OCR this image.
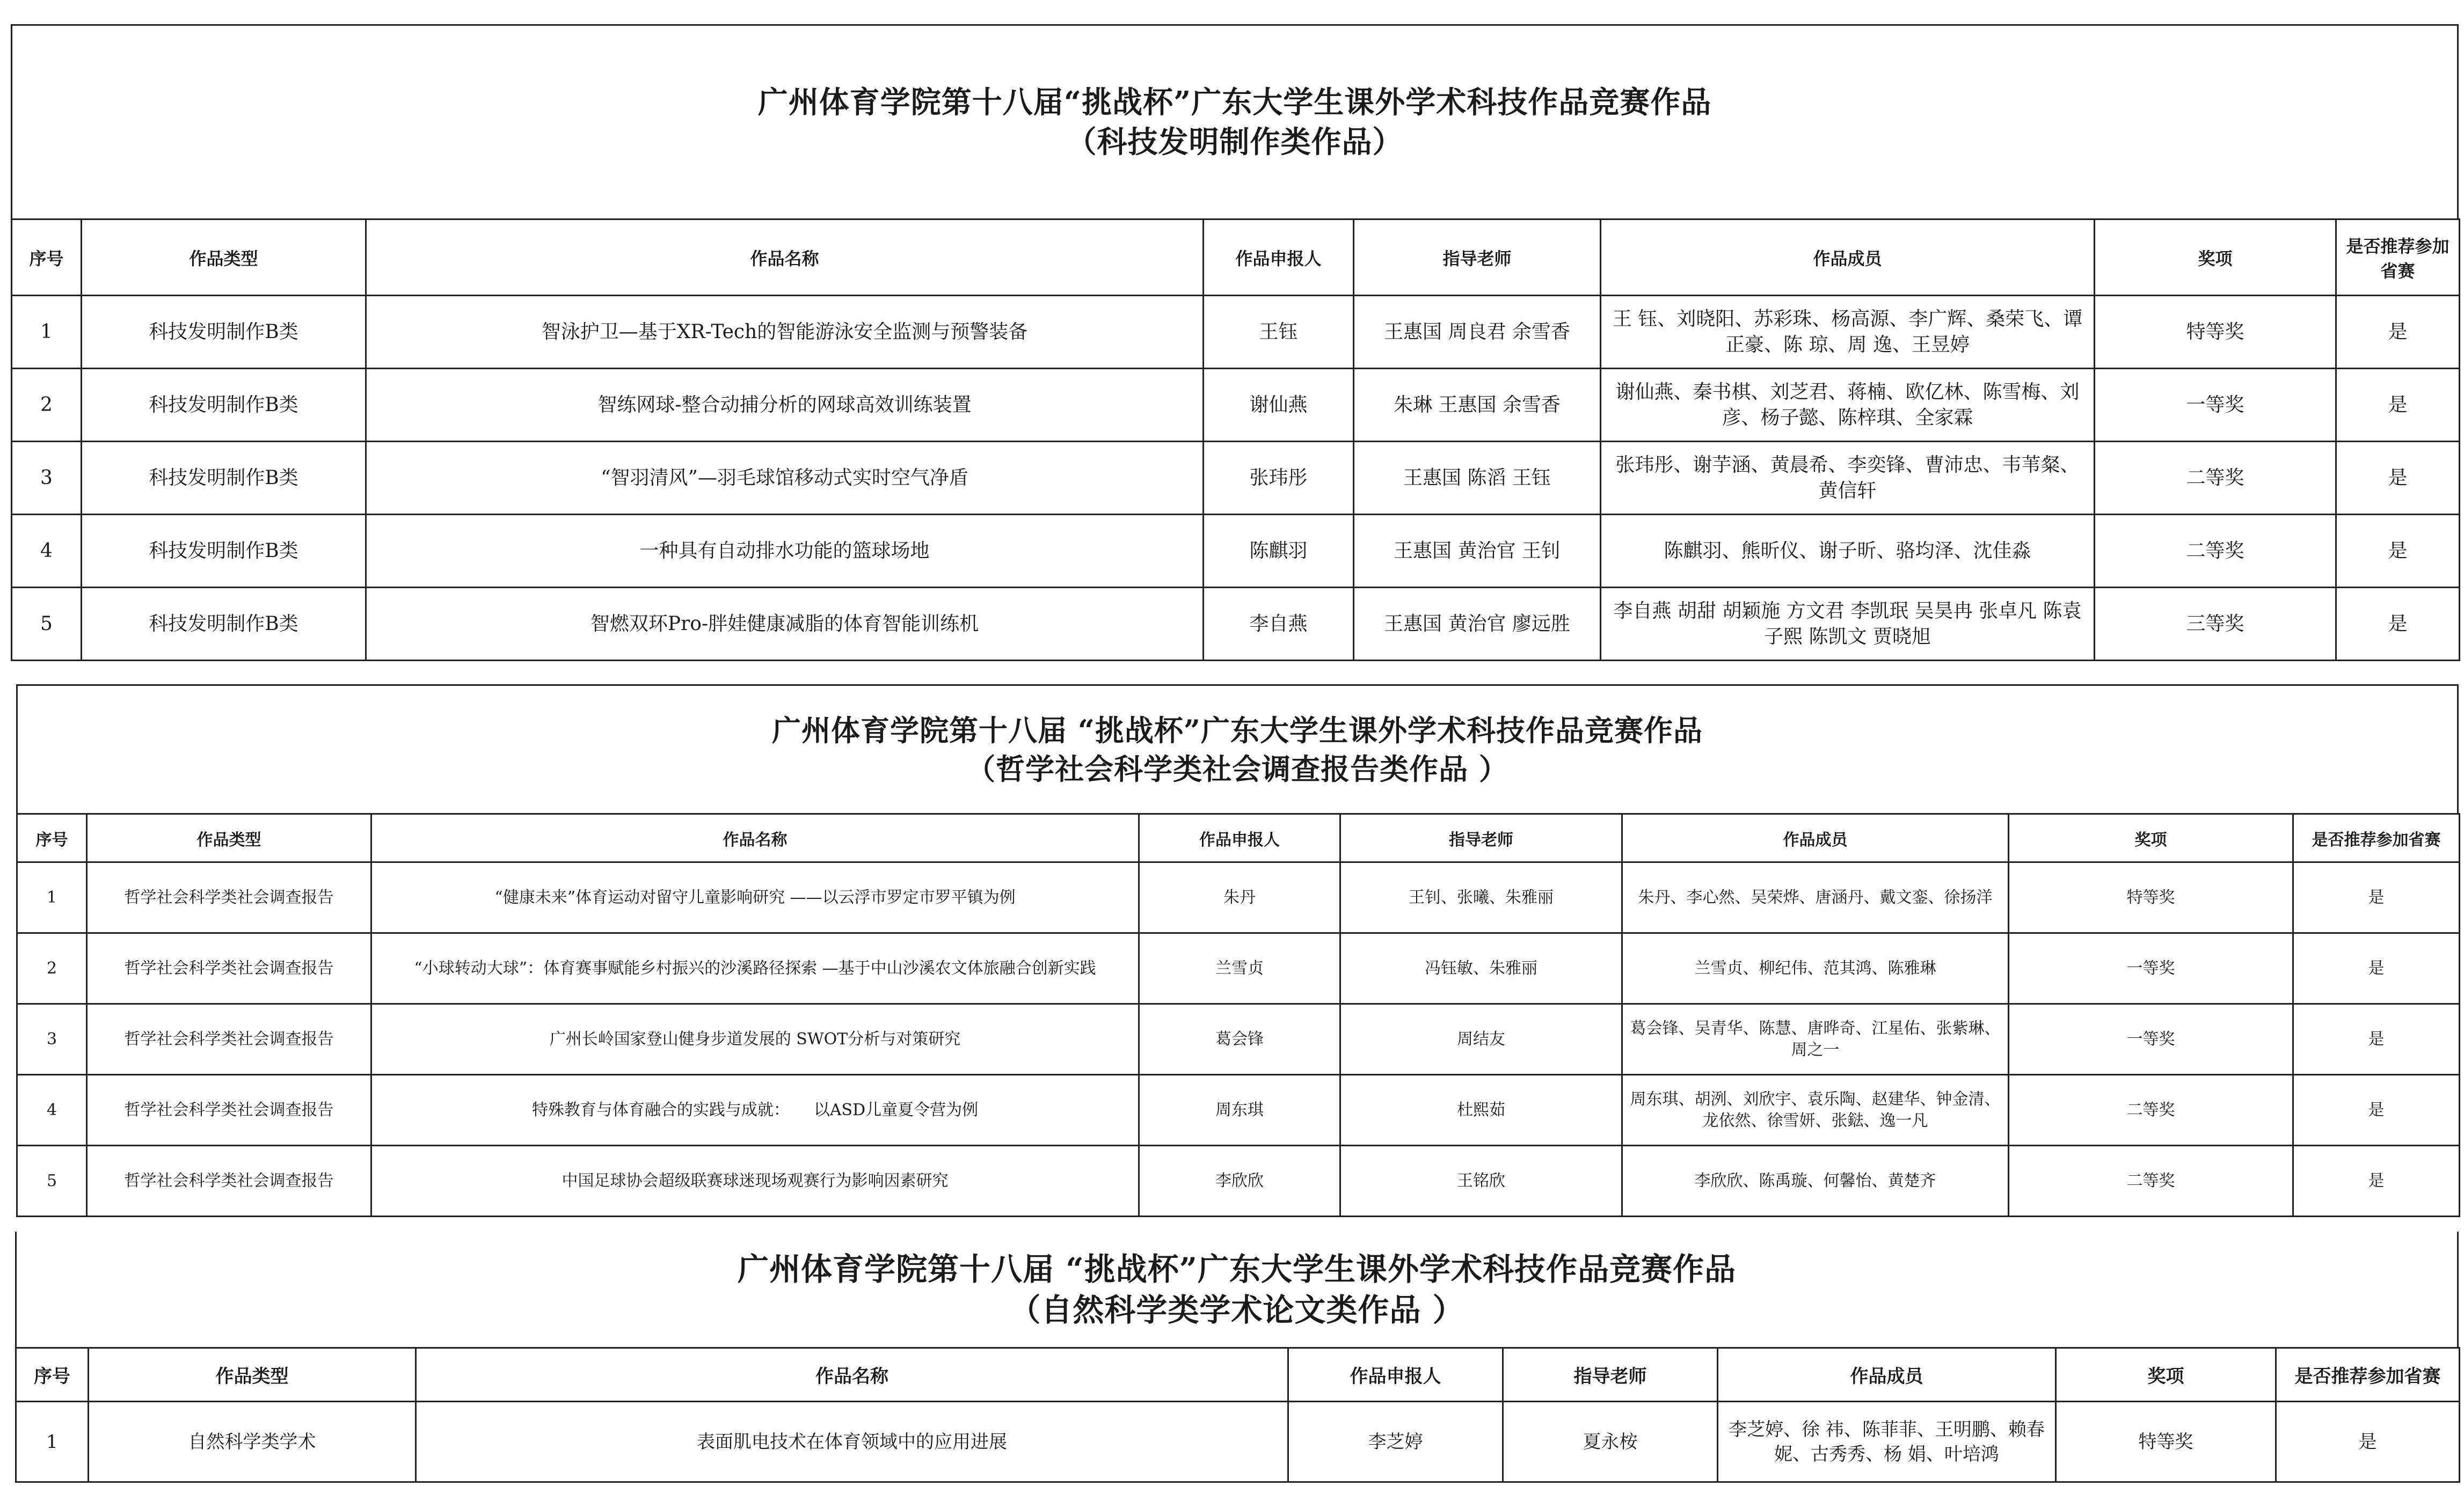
广州体育学院第十八届“挑战杯”广东大学生课外学术科技作品竞赛作品
（科技发明制作类作品）
序号	作品类型	作品名称	作品申报人	指导老师	作品成员	奖项	是否推荐参加省赛
1	科技发明制作B类	智泳护卫—基于XR-Tech的智能游泳安全监测与预警装备	王钰	王惠国 周良君 余雪香	王 钰、刘晓阳、苏彩珠、杨高源、李广辉、桑荣飞、谭正豪、陈 琼、周 逸、王昱婷	特等奖	是
2	科技发明制作B类	智练网球-整合动捕分析的网球高效训练装置	谢仙燕	朱琳 王惠国 余雪香	谢仙燕、秦书棋、刘芝君、蒋楠、欧亿林、陈雪梅、刘彦、杨子懿、陈梓琪、全家霖	一等奖	是
3	科技发明制作B类	“智羽清风”—羽毛球馆移动式实时空气净盾	张玮彤	王惠国 陈滔 王钰	张玮彤、谢芋涵、黄晨希、李奕锋、曹沛忠、韦苇粲、黄信轩	二等奖	是
4	科技发明制作B类	一种具有自动排水功能的篮球场地	陈麒羽	王惠国 黄治官 王钊	陈麒羽、熊昕仪、谢子昕、骆均泽、沈佳淼	二等奖	是
5	科技发明制作B类	智燃双环Pro-胖娃健康减脂的体育智能训练机	李自燕	王惠国 黄治官 廖远胜	李自燕 胡甜 胡颖施 方文君 李凯珉 吴昊冉 张卓凡 陈袁子熙 陈凯文 贾晓旭	三等奖	是
广州体育学院第十八届 “挑战杯”广东大学生课外学术科技作品竞赛作品
（哲学社会科学类社会调查报告类作品 ）
序号	作品类型	作品名称	作品申报人	指导老师	作品成员	奖项	是否推荐参加省赛
1	哲学社会科学类社会调查报告	“健康未来”体育运动对留守儿童影响研究 ——以云浮市罗定市罗平镇为例	朱丹	王钊、张曦、朱雅丽	朱丹、李心然、吴荣烨、唐涵丹、戴文銮、徐扬洋	特等奖	是
2	哲学社会科学类社会调查报告	“小球转动大球”：体育赛事赋能乡村振兴的沙溪路径探索 —基于中山沙溪农文体旅融合创新实践	兰雪贞	冯钰敏、朱雅丽	兰雪贞、柳纪伟、范其鸿、陈雅琳	一等奖	是
3	哲学社会科学类社会调查报告	广州长岭国家登山健身步道发展的 SWOT分析与对策研究	葛会锋	周结友	葛会锋、吴青华、陈慧、唐晔奇、江星佑、张紫琳、周之一	一等奖	是
4	哲学社会科学类社会调查报告	特殊教育与体育融合的实践与成就：　　以ASD儿童夏令营为例	周东琪	杜熙茹	周东琪、胡洌、刘欣宇、袁乐陶、赵建华、钟金清、龙依然、徐雪妍、张鍅、逸一凡	二等奖	是
5	哲学社会科学类社会调查报告	中国足球协会超级联赛球迷现场观赛行为影响因素研究	李欣欣	王铭欣	李欣欣、陈禹璇、何馨怡、黄楚齐	二等奖	是
广州体育学院第十八届 “挑战杯”广东大学生课外学术科技作品竞赛作品
（自然科学类学术论文类作品 ）
序号	作品类型	作品名称	作品申报人	指导老师	作品成员	奖项	是否推荐参加省赛
1	自然科学类学术	表面肌电技术在体育领域中的应用进展	李芝婷	夏永桉	李芝婷、徐 祎、陈菲菲、王明鹏、赖春妮、古秀秀、杨 娟、叶培鸿	特等奖	是
